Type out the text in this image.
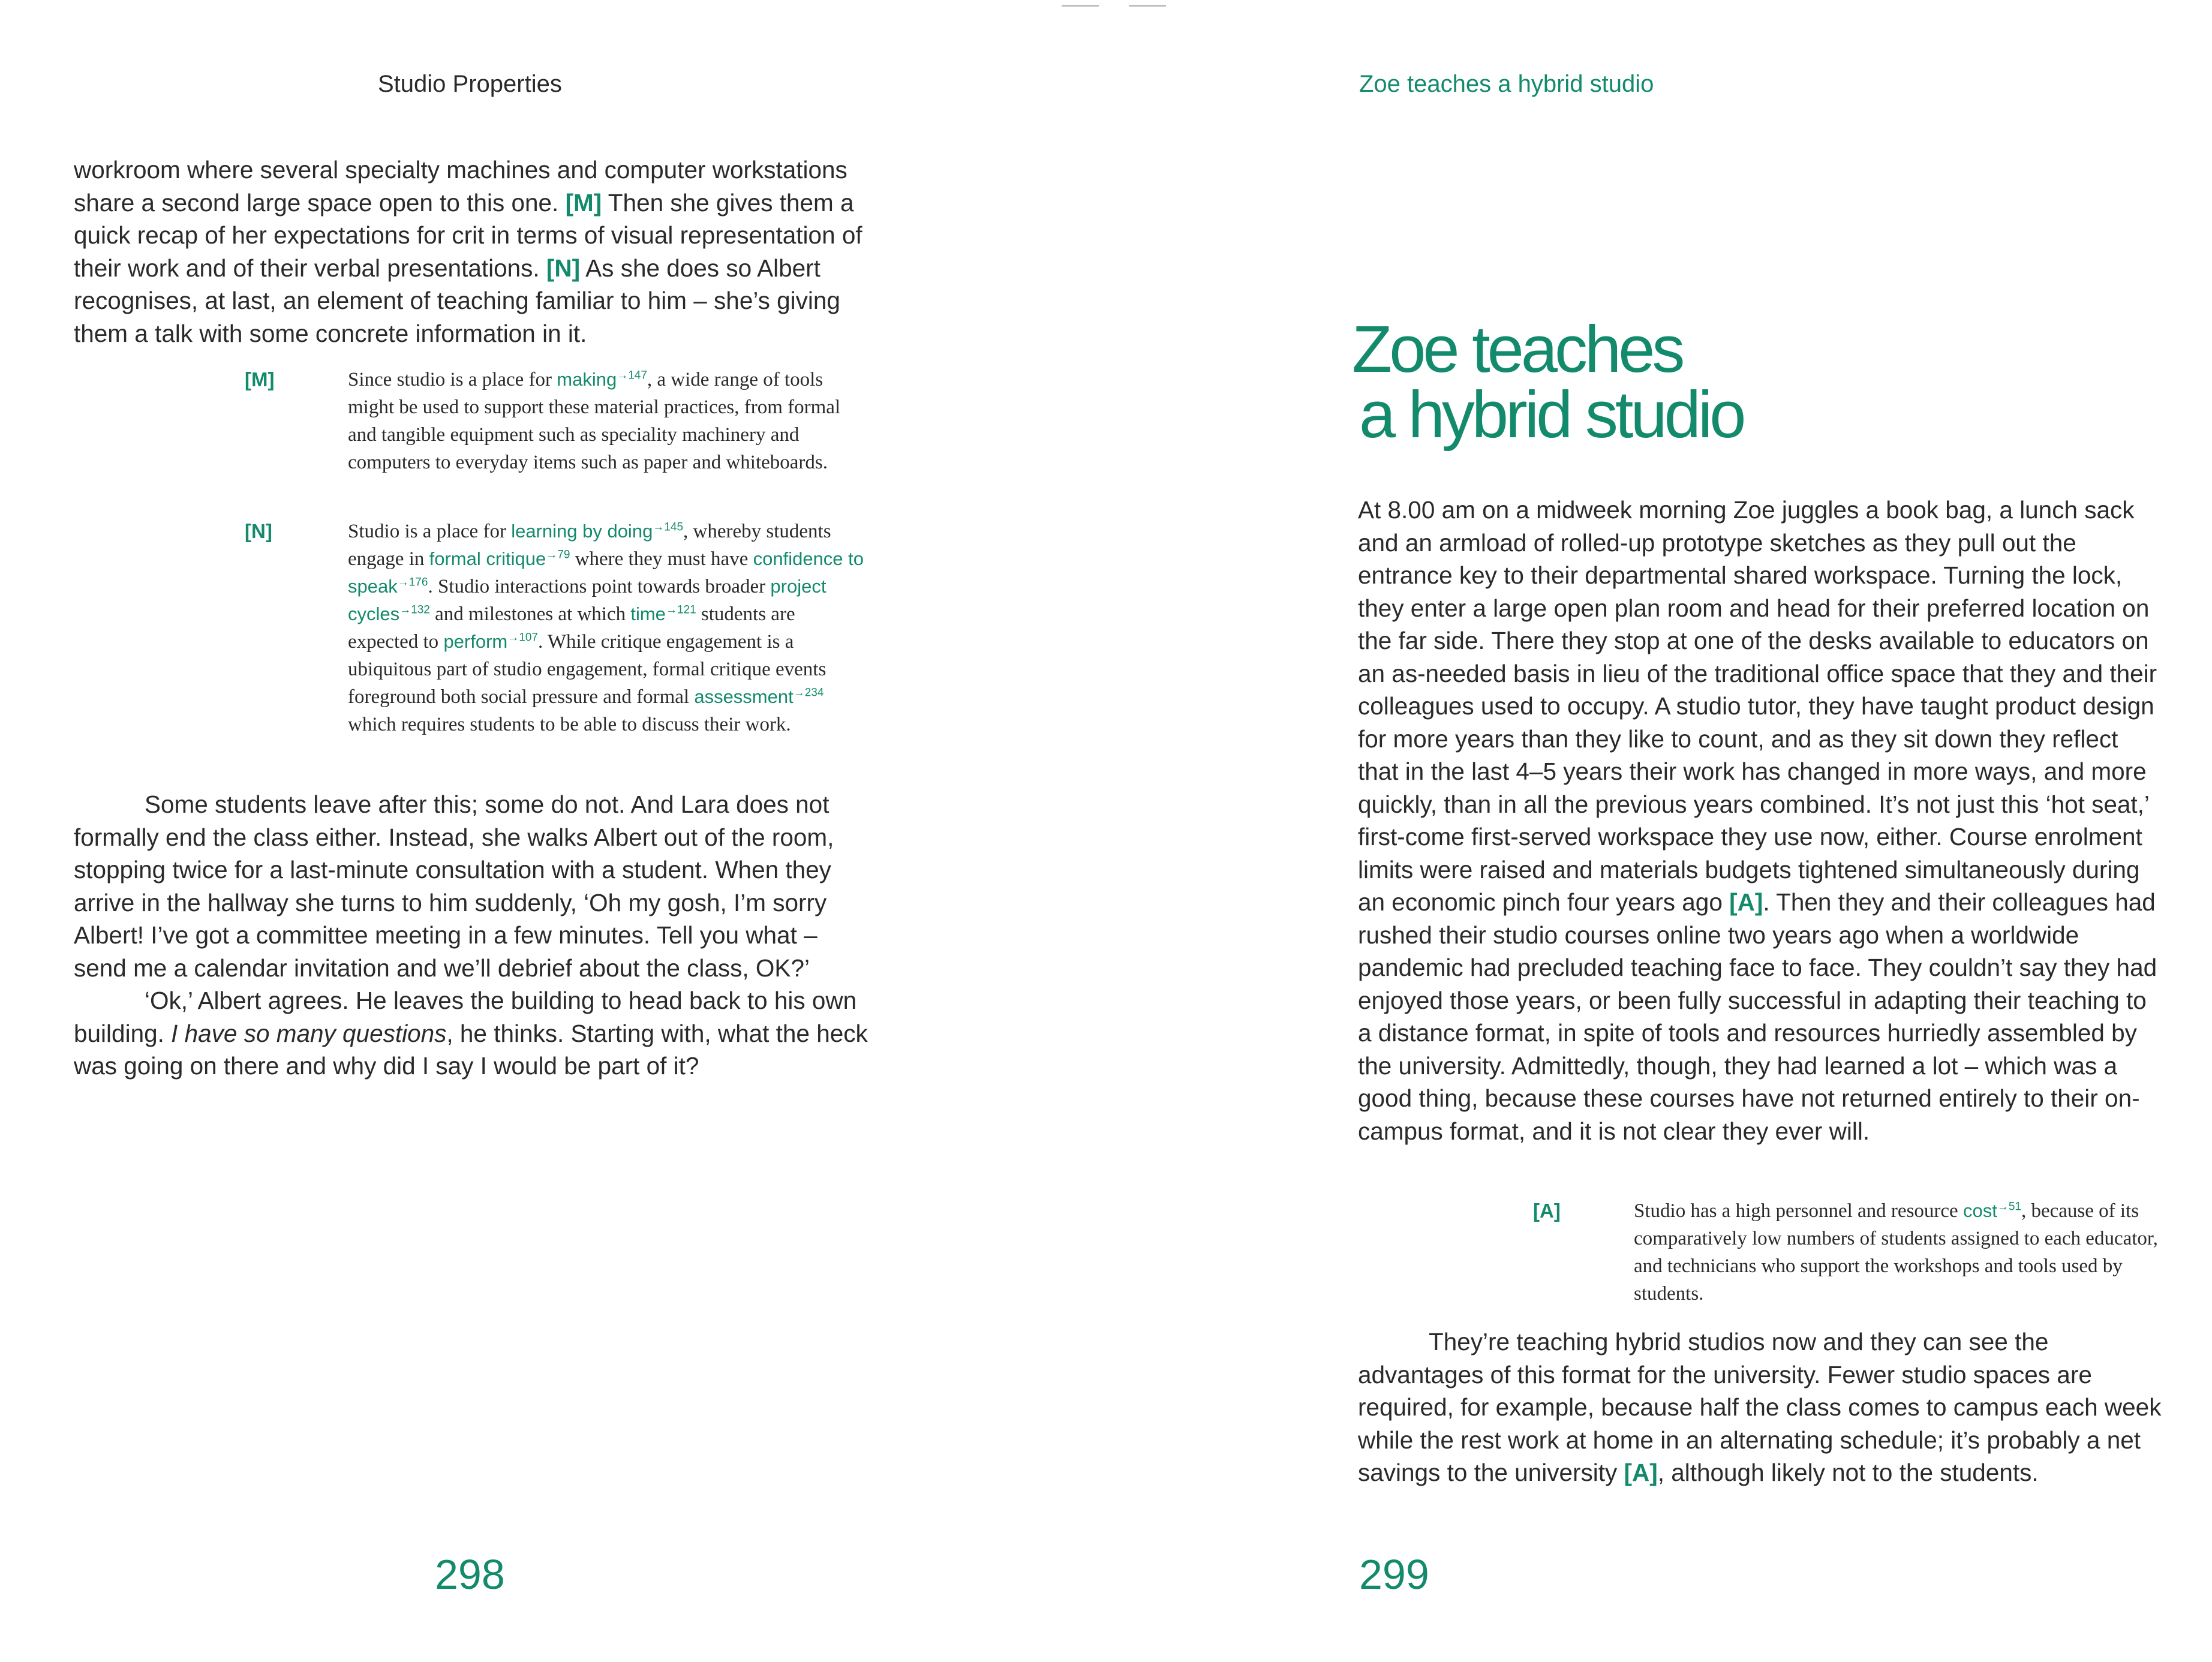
Studio Properties

workroom where several specialty machines and computer workstations share a second large space open to this one. [M] Then she gives them a quick recap of her expectations for crit in terms of visual representation of their work and of their verbal presentations. [N] As she does so Albert recognises, at last, an element of teaching familiar to him – she’s giving them a talk with some concrete information in it.

[M]	Since studio is a place for making$^{\to 147}$, a wide range of tools might be used to support these material practices, from formal and tangible equipment such as speciality machinery and computers to everyday items such as paper and whiteboards.
[N]	Studio is a place for learning by doing$^{\to 145}$, whereby students engage in formal critique$^{\to 79}$ where they must have confidence to speak$^{\to 176}$. Studio interactions point towards broader project cycles$^{\to 132}$ and milestones at which time$^{\to 121}$ students are expected to perform$^{\to 107}$. While critique engagement is a ubiquitous part of studio engagement, formal critique events foreground both social pressure and formal assessment$^{\to 234}$ which requires students to be able to discuss their work.

Some students leave after this; some do not. And Lara does not formally end the class either. Instead, she walks Albert out of the room, stopping twice for a last-minute consultation with a student. When they arrive in the hallway she turns to him suddenly, ‘Oh my gosh, I’m sorry Albert! I’ve got a committee meeting in a few minutes. Tell you what – send me a calendar invitation and we’ll debrief about the class, OK?’

‘Ok,’ Albert agrees. He leaves the building to head back to his own building. I have so many questions, he thinks. Starting with, what the heck was going on there and why did I say I would be part of it?

298
Zoe teaches a hybrid studio
Zoe teaches
a hybrid studio

At 8.00 am on a midweek morning Zoe juggles a book bag, a lunch sack and an armload of rolled-up prototype sketches as they pull out the entrance key to their departmental shared workspace. Turning the lock, they enter a large open plan room and head for their preferred location on the far side. There they stop at one of the desks available to educators on an as-needed basis in lieu of the traditional office space that they and their colleagues used to occupy. A studio tutor, they have taught product design for more years than they like to count, and as they sit down they reflect that in the last 4–5 years their work has changed in more ways, and more quickly, than in all the previous years combined. It’s not just this ‘hot seat,’ first-come first-served workspace they use now, either. Course enrolment limits were raised and materials budgets tightened simultaneously during an economic pinch four years ago [A]. Then they and their colleagues had rushed their studio courses online two years ago when a worldwide pandemic had precluded teaching face to face. They couldn’t say they had enjoyed those years, or been fully successful in adapting their teaching to a distance format, in spite of tools and resources hurriedly assembled by the university. Admittedly, though, they had learned a lot – which was a good thing, because these courses have not returned entirely to their on-campus format, and it is not clear they ever will.

[A]	Studio has a high personnel and resource cost$^{\to 51}$, because of its comparatively low numbers of students assigned to each educator, and technicians who support the workshops and tools used by students.

They’re teaching hybrid studios now and they can see the advantages of this format for the university. Fewer studio spaces are required, for example, because half the class comes to campus each week while the rest work at home in an alternating schedule; it’s probably a net savings to the university [A], although likely not to the students.

299
